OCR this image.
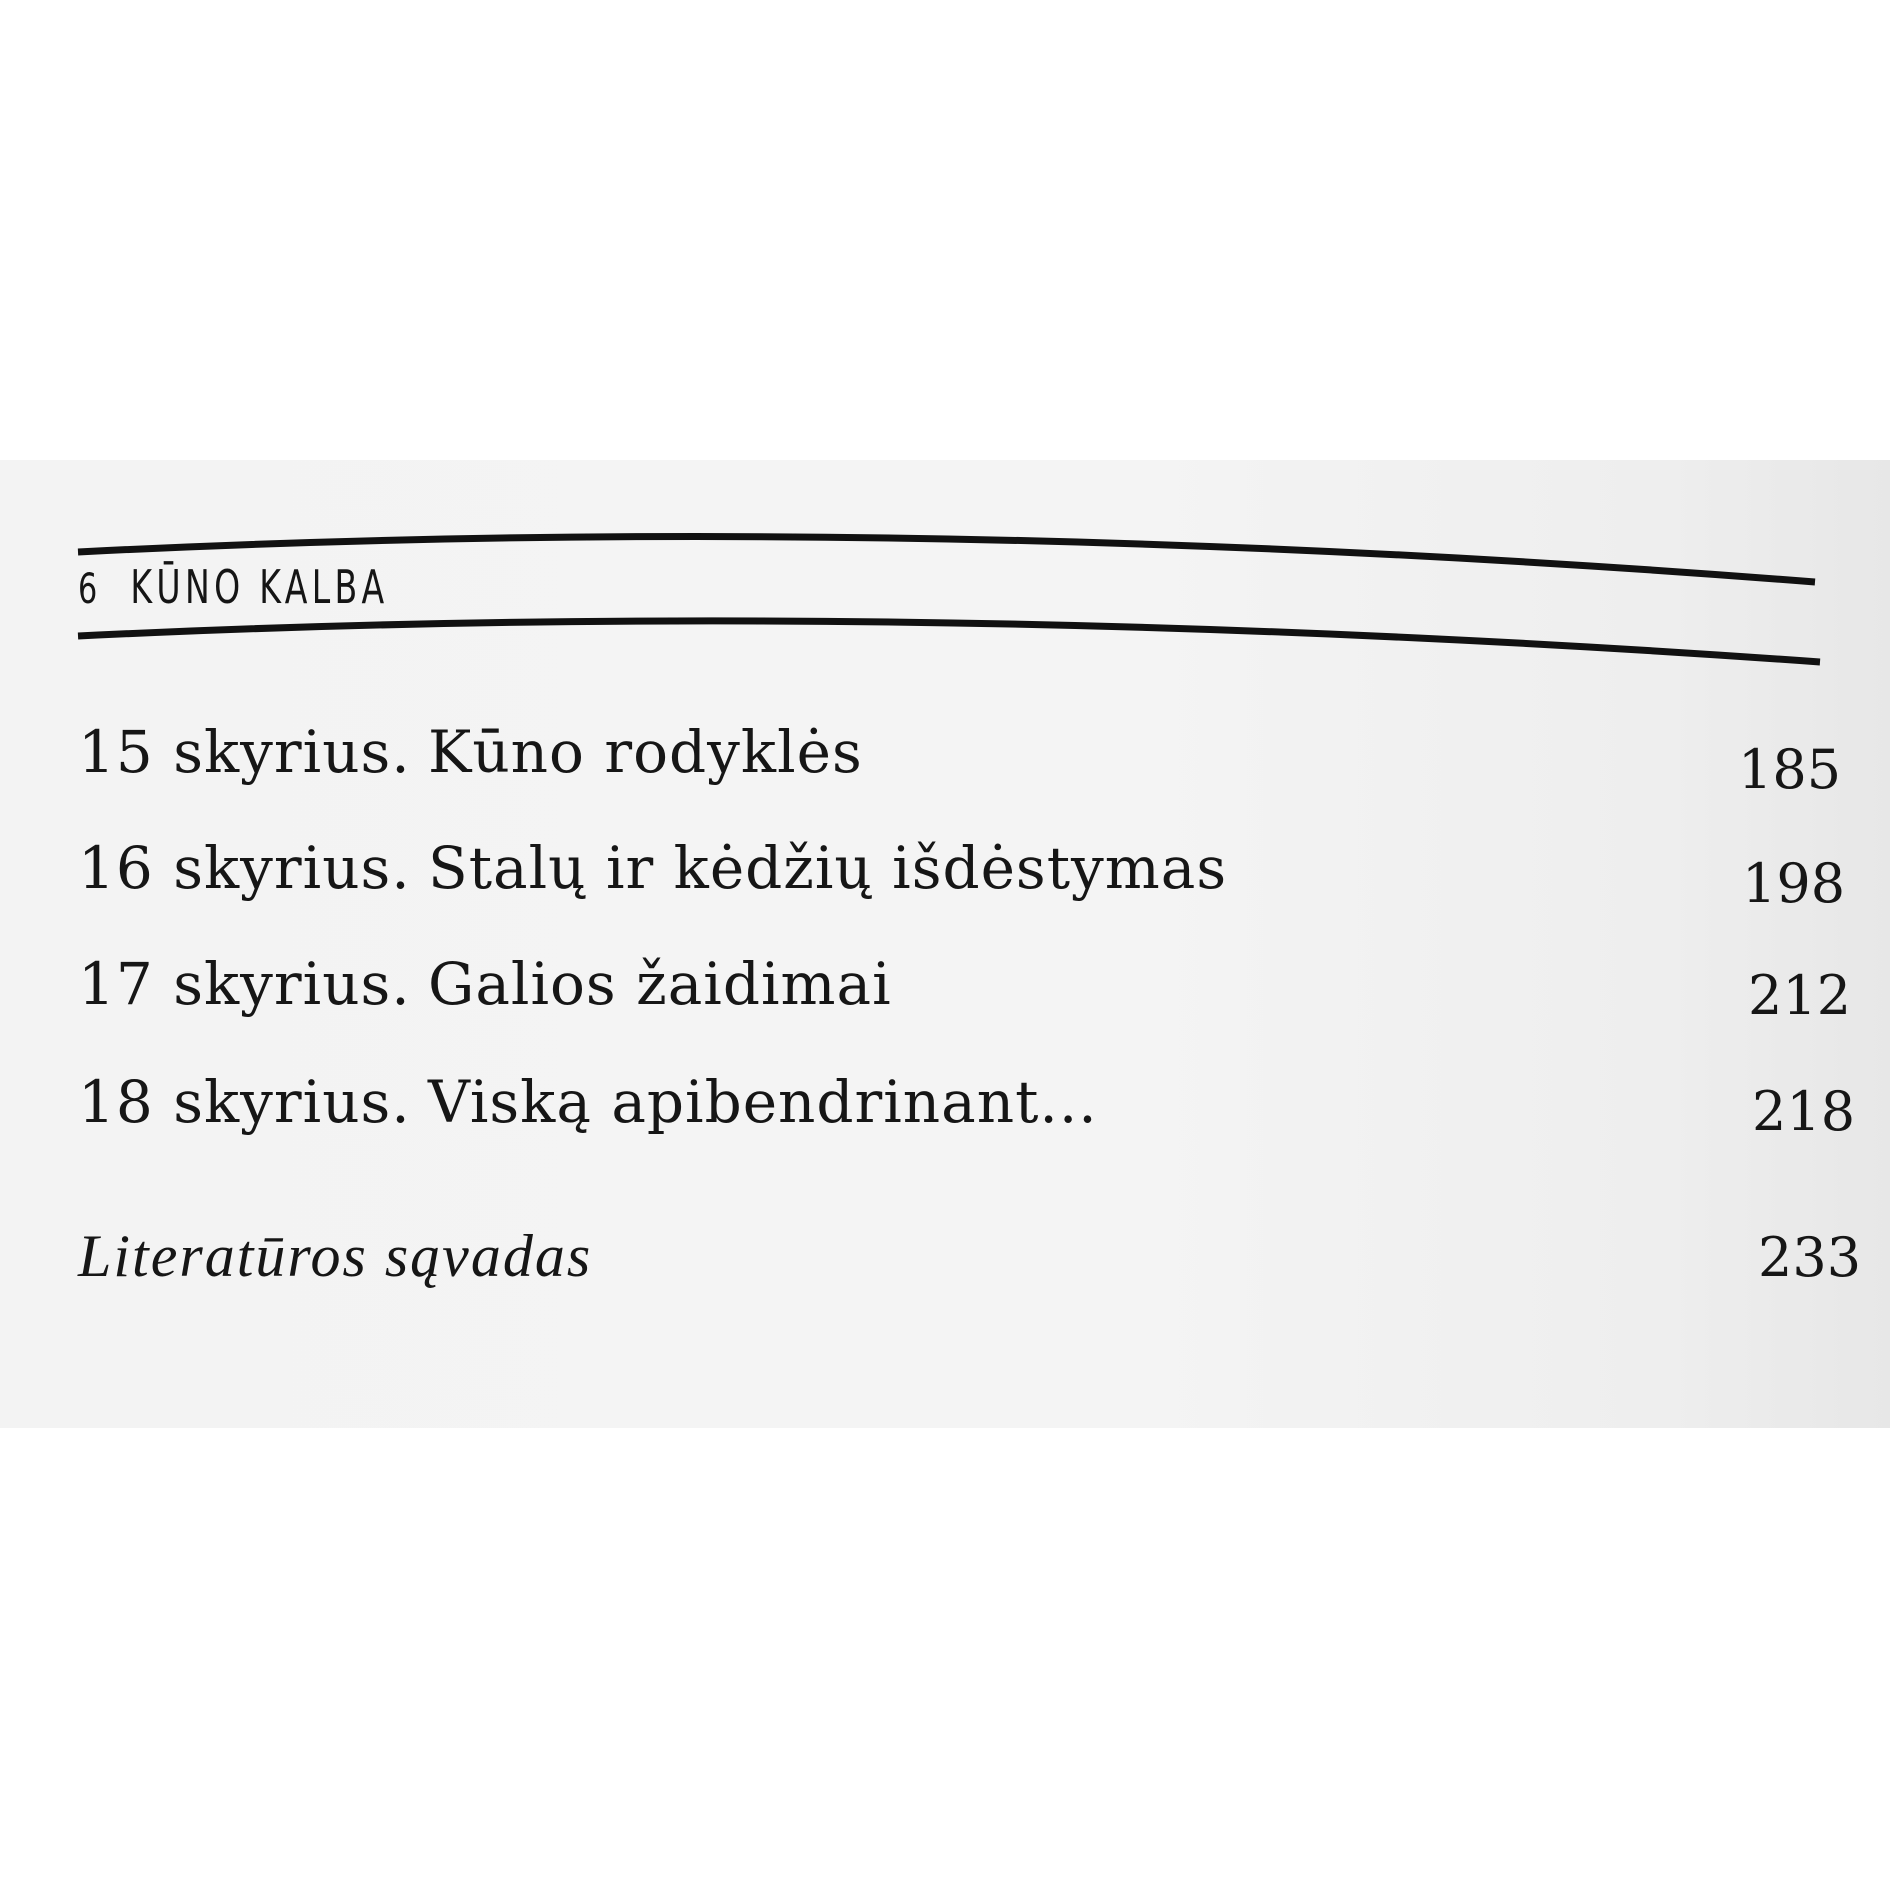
6 KŪNO KALBA
15 skyrius. Kūno rodyklės	185
16 skyrius. Stalų ir kėdžių išdėstymas	198
17 skyrius. Galios žaidimai	212
18 skyrius. Viską apibendrinant...	218
Literatūros sąvadas	233
